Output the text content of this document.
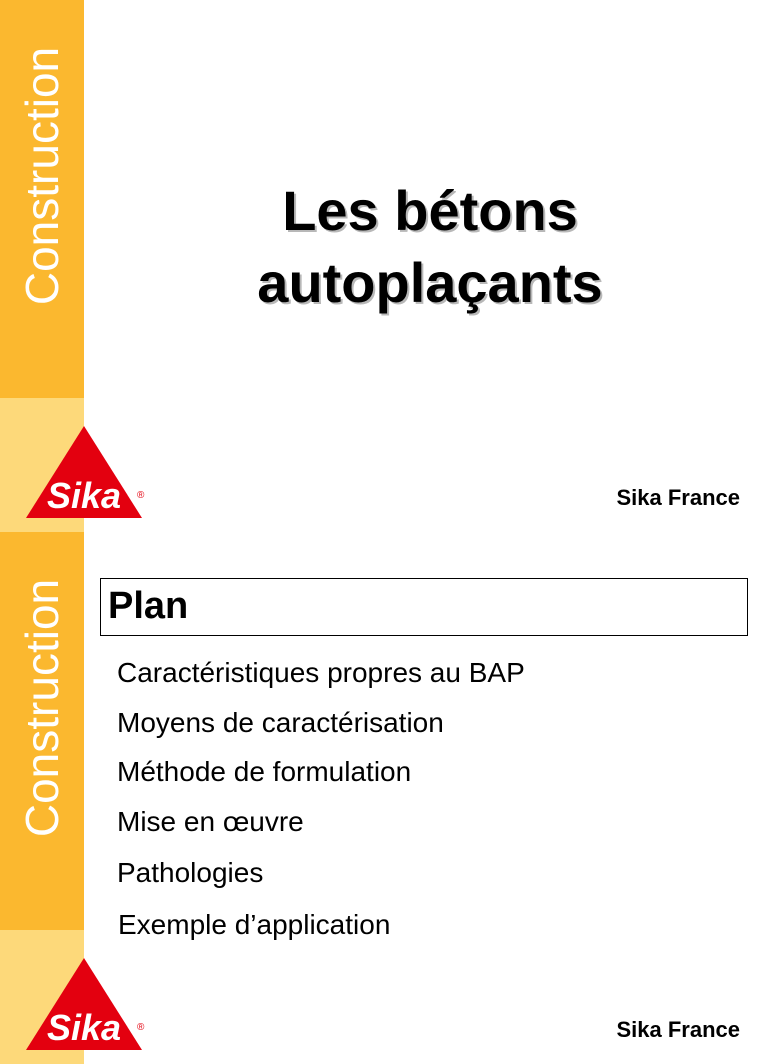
Construction
Sika ®
Les bétons
autoplaçants
Sika France
Construction Plan
Caractéristiques propres au BAP
Moyens de caractérisation
Méthode de formulation
Mise en œuvre
Pathologies
Exemple d’application
Sika ®	Sika France
